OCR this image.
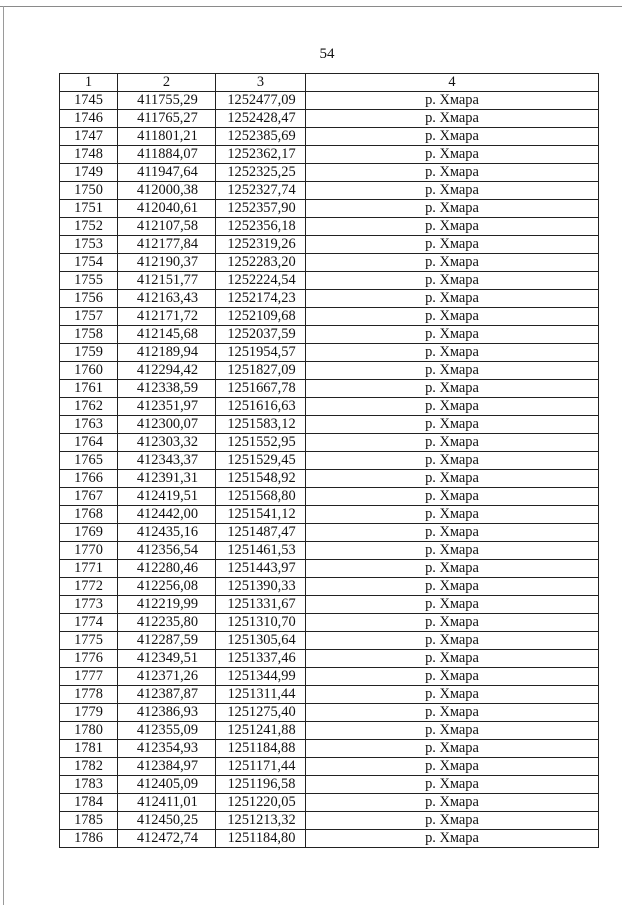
54
1	2	3	4
1745	411755,29	1252477,09	р. Хмара
1746	411765,27	1252428,47	р. Хмара
1747	411801,21	1252385,69	р. Хмара
1748	411884,07	1252362,17	р. Хмара
1749	411947,64	1252325,25	р. Хмара
1750	412000,38	1252327,74	р. Хмара
1751	412040,61	1252357,90	р. Хмара
1752	412107,58	1252356,18	р. Хмара
1753	412177,84	1252319,26	р. Хмара
1754	412190,37	1252283,20	р. Хмара
1755	412151,77	1252224,54	р. Хмара
1756	412163,43	1252174,23	р. Хмара
1757	412171,72	1252109,68	р. Хмара
1758	412145,68	1252037,59	р. Хмара
1759	412189,94	1251954,57	р. Хмара
1760	412294,42	1251827,09	р. Хмара
1761	412338,59	1251667,78	р. Хмара
1762	412351,97	1251616,63	р. Хмара
1763	412300,07	1251583,12	р. Хмара
1764	412303,32	1251552,95	р. Хмара
1765	412343,37	1251529,45	р. Хмара
1766	412391,31	1251548,92	р. Хмара
1767	412419,51	1251568,80	р. Хмара
1768	412442,00	1251541,12	р. Хмара
1769	412435,16	1251487,47	р. Хмара
1770	412356,54	1251461,53	р. Хмара
1771	412280,46	1251443,97	р. Хмара
1772	412256,08	1251390,33	р. Хмара
1773	412219,99	1251331,67	р. Хмара
1774	412235,80	1251310,70	р. Хмара
1775	412287,59	1251305,64	р. Хмара
1776	412349,51	1251337,46	р. Хмара
1777	412371,26	1251344,99	р. Хмара
1778	412387,87	1251311,44	р. Хмара
1779	412386,93	1251275,40	р. Хмара
1780	412355,09	1251241,88	р. Хмара
1781	412354,93	1251184,88	р. Хмара
1782	412384,97	1251171,44	р. Хмара
1783	412405,09	1251196,58	р. Хмара
1784	412411,01	1251220,05	р. Хмара
1785	412450,25	1251213,32	р. Хмара
1786	412472,74	1251184,80	р. Хмара
